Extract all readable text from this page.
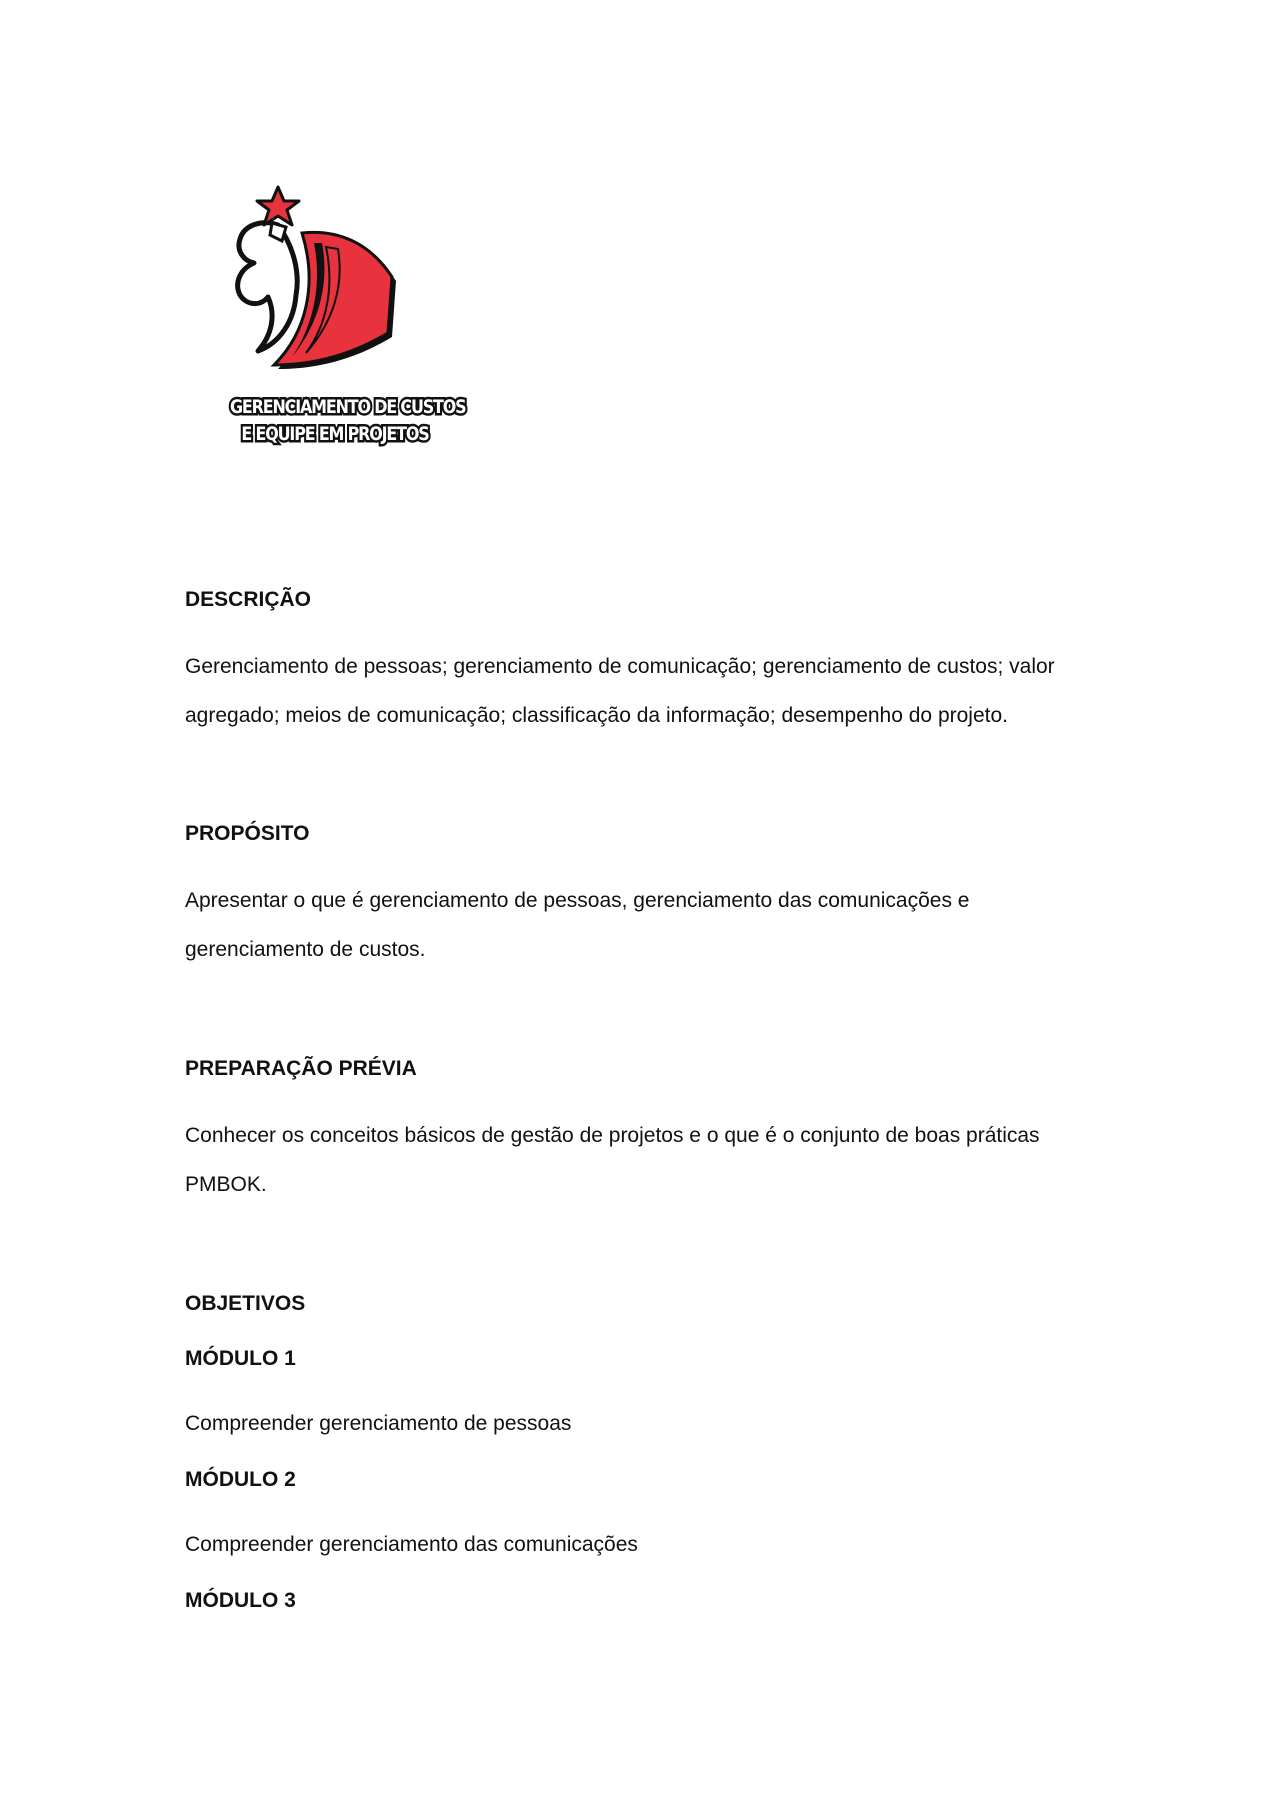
GERENCIAMENTO DE CUSTOS
E EQUIPE EM PROJETOS
DESCRIÇÃO
Gerenciamento de pessoas; gerenciamento de comunicação; gerenciamento de custos; valor agregado; meios de comunicação; classificação da informação; desempenho do projeto.
PROPÓSITO
Apresentar o que é gerenciamento de pessoas, gerenciamento das comunicações e gerenciamento de custos.
PREPARAÇÃO PRÉVIA
Conhecer os conceitos básicos de gestão de projetos e o que é o conjunto de boas práticas PMBOK.
OBJETIVOS
MÓDULO 1
Compreender gerenciamento de pessoas
MÓDULO 2
Compreender gerenciamento das comunicações
MÓDULO 3
